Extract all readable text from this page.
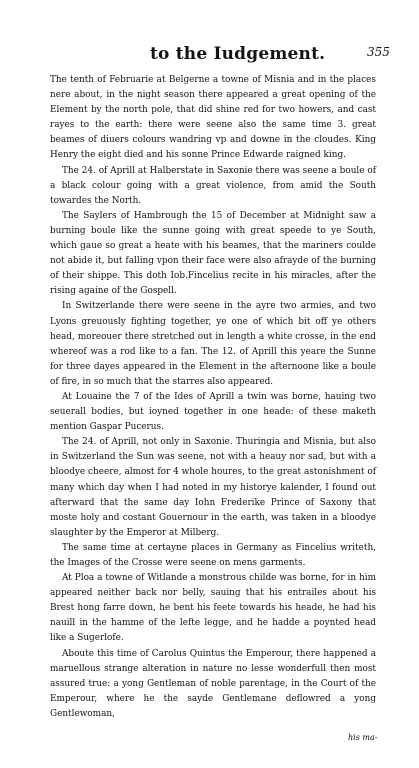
to the Iudgement.	355

The tenth of Februarie at Belgerne a towne of Misnia and in the places nere about, in the night season there appeared a great opening of the Element by the north pole, that did shine red for two howers, and cast rayes to the earth: there were seene also the same time 3. great beames of diuers colours wandring vp and downe in the cloudes. King Henry the eight died and his sonne Prince Edwarde raigned king.

The 24. of Aprill at Halberstate in Saxonie there was seene a boule of a black colour going with a great violence, from amid the South towardes the North.

The Saylers of Hambrough the 15 of December at Midnight saw a burning boule like the sunne going with great speede to ye South, which gaue so great a heate with his beames, that the mariners coulde not abide it, but falling vpon their face were also afrayde of the burning of their shippe. This doth Iob.Fincelius recite in his miracles, after the rising againe of the Gospell.

In Switzerlande there were seene in the ayre two armies, and two Lyons greuously fighting together, ye one of which bit off ye others head, moreouer there stretched out in length a white crosse, in the end whereof was a rod like to a fan. The 12. of Aprill this yeare the Sunne for three dayes appeared in the Element in the afternoone like a boule of fire, in so much that the starres also appeared.

At Louaine the 7 of the Ides of Aprill a twin was borne, hauing two seuerall bodies, but ioyned together in one heade: of these maketh mention Gaspar Pucerus.

The 24. of Aprill, not only in Saxonie. Thuringia and Misnia, but also in Switzerland the Sun was seene, not with a heauy nor sad, but with a bloodye cheere, almost for 4 whole houres, to the great astonishment of many which day when I had noted in my historye kalender, I found out afterward that the same day Iohn Frederike Prince of Saxony that moste holy and costant Gouernour in the earth, was taken in a bloodye slaughter by the Emperor at Milberg.

The same time at certayne places in Germany as Fincelius writeth, the Images of the Crosse were seene on mens garments.

At Ploa a towne of Witlande a monstrous childe was borne, for in him appeared neither back nor belly, sauing that his entrailes about his Brest hong farre down, he bent his feete towards his heade, he had his nauill in the hamme of the lefte legge, and he hadde a poynted head like a Sugerlofe.

Aboute this time of Carolus Quintus the Emperour, there happened a maruellous strange alteration in nature no lesse wonderfull then most assured true: a yong Gentleman of noble parentage, in the Court of the Emperour, where he the sayde Gentlemane deflowred a yong Gentlewoman,

his ma-
